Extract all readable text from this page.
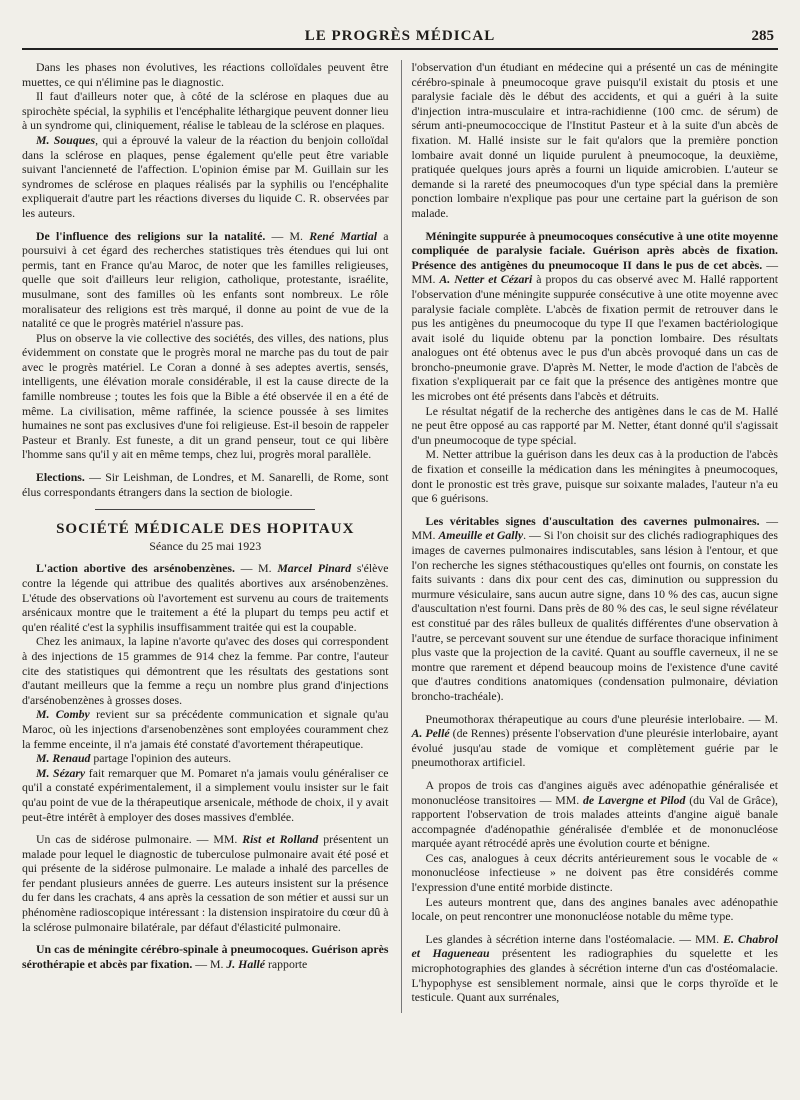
LE PROGRÈS MÉDICAL	285

Dans les phases non évolutives, les réactions colloïdales peuvent être muettes, ce qui n'élimine pas le diagnostic.

Il faut d'ailleurs noter que, à côté de la sclérose en plaques due au spirochète spécial, la syphilis et l'encéphalite léthargique peuvent donner lieu à un syndrome qui, cliniquement, réalise le tableau de la sclérose en plaques.

M. Souques, qui a éprouvé la valeur de la réaction du benjoin colloïdal dans la sclérose en plaques, pense également qu'elle peut être variable suivant l'ancienneté de l'affection. L'opinion émise par M. Guillain sur les syndromes de sclérose en plaques réalisés par la syphilis ou l'encéphalite expliquerait d'autre part les réactions diverses du liquide C. R. observées par les auteurs.

De l'influence des religions sur la natalité. — M. René Martial a poursuivi à cet égard des recherches statistiques très étendues qui lui ont permis, tant en France qu'au Maroc, de noter que les familles religieuses, quelle que soit d'ailleurs leur religion, catholique, protestante, israélite, musulmane, sont des familles où les enfants sont nombreux. Le rôle moralisateur des religions est très marqué, il donne au point de vue de la natalité ce que le progrès matériel n'assure pas.

Plus on observe la vie collective des sociétés, des villes, des nations, plus évidemment on constate que le progrès moral ne marche pas du tout de pair avec le progrès matériel. Le Coran a donné à ses adeptes avertis, sensés, intelligents, une élévation morale considérable, il est la cause directe de la famille nombreuse ; toutes les fois que la Bible a été observée il en a été de même. La civilisation, même raffinée, la science poussée à ses limites humaines ne sont pas exclusives d'une foi religieuse. Est-il besoin de rappeler Pasteur et Branly. Est funeste, a dit un grand penseur, tout ce qui libère l'homme sans qu'il y ait en même temps, chez lui, progrès moral parallèle.

Elections. — Sir Leishman, de Londres, et M. Sanarelli, de Rome, sont élus correspondants étrangers dans la section de biologie.

SOCIÉTÉ MÉDICALE DES HOPITAUX
Séance du 25 mai 1923

L'action abortive des arsénobenzènes. — M. Marcel Pinard s'élève contre la légende qui attribue des qualités abortives aux arsénobenzènes. L'étude des observations où l'avortement est survenu au cours de traitements arsénicaux montre que le traitement a été la plupart du temps peu actif et qu'en réalité c'est la syphilis insuffisamment traitée qui est la coupable.

Chez les animaux, la lapine n'avorte qu'avec des doses qui correspondent à des injections de 15 grammes de 914 chez la femme. Par contre, l'auteur cite des statistiques qui démontrent que les résultats des gestations sont d'autant meilleurs que la femme a reçu un nombre plus grand d'injections d'arsénobenzènes à grosses doses.

M. Comby revient sur sa précédente communication et signale qu'au Maroc, où les injections d'arsenobenzènes sont employées couramment chez la femme enceinte, il n'a jamais été constaté d'avortement thérapeutique.

M. Renaud partage l'opinion des auteurs.

M. Sézary fait remarquer que M. Pomaret n'a jamais voulu généraliser ce qu'il a constaté expérimentalement, il a simplement voulu insister sur le fait qu'au point de vue de la thérapeutique arsenicale, méthode de choix, il y avait peut-être intérêt à employer des doses massives d'emblée.

Un cas de sidérose pulmonaire. — MM. Rist et Rolland présentent un malade pour lequel le diagnostic de tuberculose pulmonaire avait été posé et qui présente de la sidérose pulmonaire. Le malade a inhalé des parcelles de fer pendant plusieurs années de guerre. Les auteurs insistent sur la présence du fer dans les crachats, 4 ans après la cessation de son métier et aussi sur un phénomène radioscopique intéressant : la distension inspiratoire du cœur dû à la sclérose pulmonaire bilatérale, par défaut d'élasticité pulmonaire.

Un cas de méningite cérébro-spinale à pneumocoques. Guérison après sérothérapie et abcès par fixation. — M. J. Hallé rapporte

l'observation d'un étudiant en médecine qui a présenté un cas de méningite cérébro-spinale à pneumocoque grave puisqu'il existait du ptosis et une paralysie faciale dès le début des accidents, et qui a guéri à la suite d'injection intra-musculaire et intra-rachidienne (100 cmc. de sérum) de sérum anti-pneumococcique de l'Institut Pasteur et à la suite d'un abcès de fixation. M. Hallé insiste sur le fait qu'alors que la première ponction lombaire avait donné un liquide purulent à pneumocoque, la deuxième, pratiquée quelques jours après a fourni un liquide amicrobien. L'auteur se demande si la rareté des pneumocoques d'un type spécial dans la première ponction lombaire n'explique pas pour une certaine part la guérison de son malade.

Méningite suppurée à pneumocoques consécutive à une otite moyenne compliquée de paralysie faciale. Guérison après abcès de fixation. Présence des antigènes du pneumocoque II dans le pus de cet abcès. — MM. A. Netter et Cézari à propos du cas observé avec M. Hallé rapportent l'observation d'une méningite suppurée consécutive à une otite moyenne avec paralysie faciale complète. L'abcès de fixation permit de retrouver dans le pus les antigènes du pneumocoque du type II que l'examen bactériologique avait isolé du liquide obtenu par la ponction lombaire. Des résultats analogues ont été obtenus avec le pus d'un abcès provoqué dans un cas de broncho-pneumonie grave. D'après M. Netter, le mode d'action de l'abcès de fixation s'expliquerait par ce fait que la présence des antigènes montre que les microbes ont été présents dans l'abcès et détruits.

Le résultat négatif de la recherche des antigènes dans le cas de M. Hallé ne peut être opposé au cas rapporté par M. Netter, étant donné qu'il s'agissait d'un pneumocoque de type spécial.

M. Netter attribue la guérison dans les deux cas à la production de l'abcès de fixation et conseille la médication dans les méningites à pneumocoques, dont le pronostic est très grave, puisque sur soixante malades, l'auteur n'a eu que 6 guérisons.

Les véritables signes d'auscultation des cavernes pulmonaires. — MM. Ameuille et Gally. — Si l'on choisit sur des clichés radiographiques des images de cavernes pulmonaires indiscutables, sans lésion à l'entour, et que l'on recherche les signes stéthacoustiques qu'elles ont fournis, on constate les faits suivants : dans dix pour cent des cas, diminution ou suppression du murmure vésiculaire, sans aucun autre signe, dans 10 % des cas, aucun signe d'auscultation n'est fourni. Dans près de 80 % des cas, le seul signe révélateur est constitué par des râles bulleux de qualités différentes d'une observation à l'autre, se percevant souvent sur une étendue de surface thoracique infiniment plus vaste que la projection de la cavité. Quant au souffle caverneux, il ne se montre que rarement et dépend beaucoup moins de l'existence d'une cavité que d'autres conditions anatomiques (condensation pulmonaire, déviation broncho-trachéale).

Pneumothorax thérapeutique au cours d'une pleurésie interlobaire. — M. A. Pellé (de Rennes) présente l'observation d'une pleurésie interlobaire, ayant évolué jusqu'au stade de vomique et complètement guérie par le pneumothorax artificiel.

A propos de trois cas d'angines aiguës avec adénopathie généralisée et mononucléose transitoires — MM. de Lavergne et Pilod (du Val de Grâce), rapportent l'observation de trois malades atteints d'angine aiguë banale accompagnée d'adénopathie généralisée d'emblée et de mononucléose marquée ayant rétrocédé après une évolution courte et bénigne.

Ces cas, analogues à ceux décrits antérieurement sous le vocable de « mononucléose infectieuse » ne doivent pas être considérés comme l'expression d'une entité morbide distincte.

Les auteurs montrent que, dans des angines banales avec adénopathie locale, on peut rencontrer une mononucléose notable du même type.

Les glandes à sécrétion interne dans l'ostéomalacie. — MM. E. Chabrol et Hagueneau présentent les radiographies du squelette et les microphotographies des glandes à sécrétion interne d'un cas d'ostéomalacie. L'hypophyse est sensiblement normale, ainsi que le corps thyroïde et le testicule. Quant aux surrénales,
